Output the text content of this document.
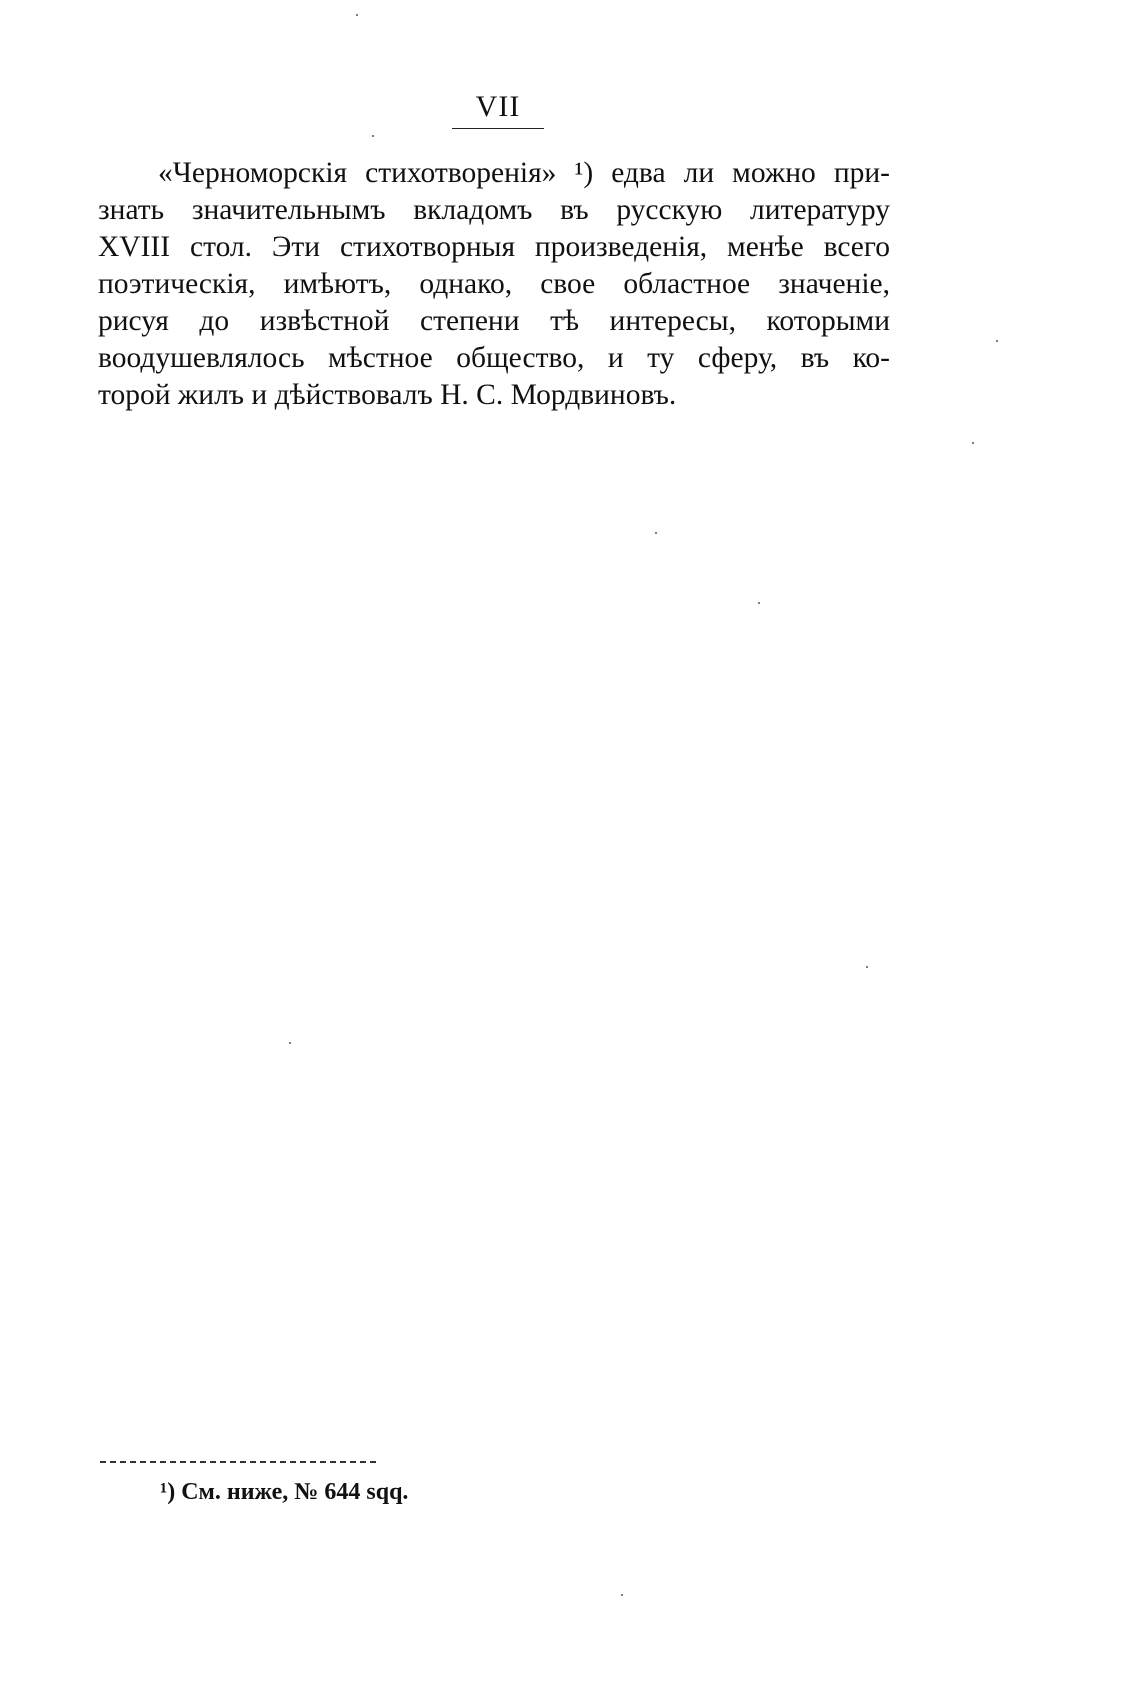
VII
«Черноморскія стихотворенія» ¹) едва ли можно при-
знать значительнымъ вкладомъ въ русскую литературу
XVIII стол. Эти стихотворныя произведенія, менѣе всего
поэтическія, имѣютъ, однако, свое областное значеніе,
рисуя до извѣстной степени тѣ интересы, которыми
воодушевлялось мѣстное общество, и ту сферу, въ ко-
торой жилъ и дѣйствовалъ Н. С. Мордвиновъ.
¹) См. ниже, № 644 sqq.
